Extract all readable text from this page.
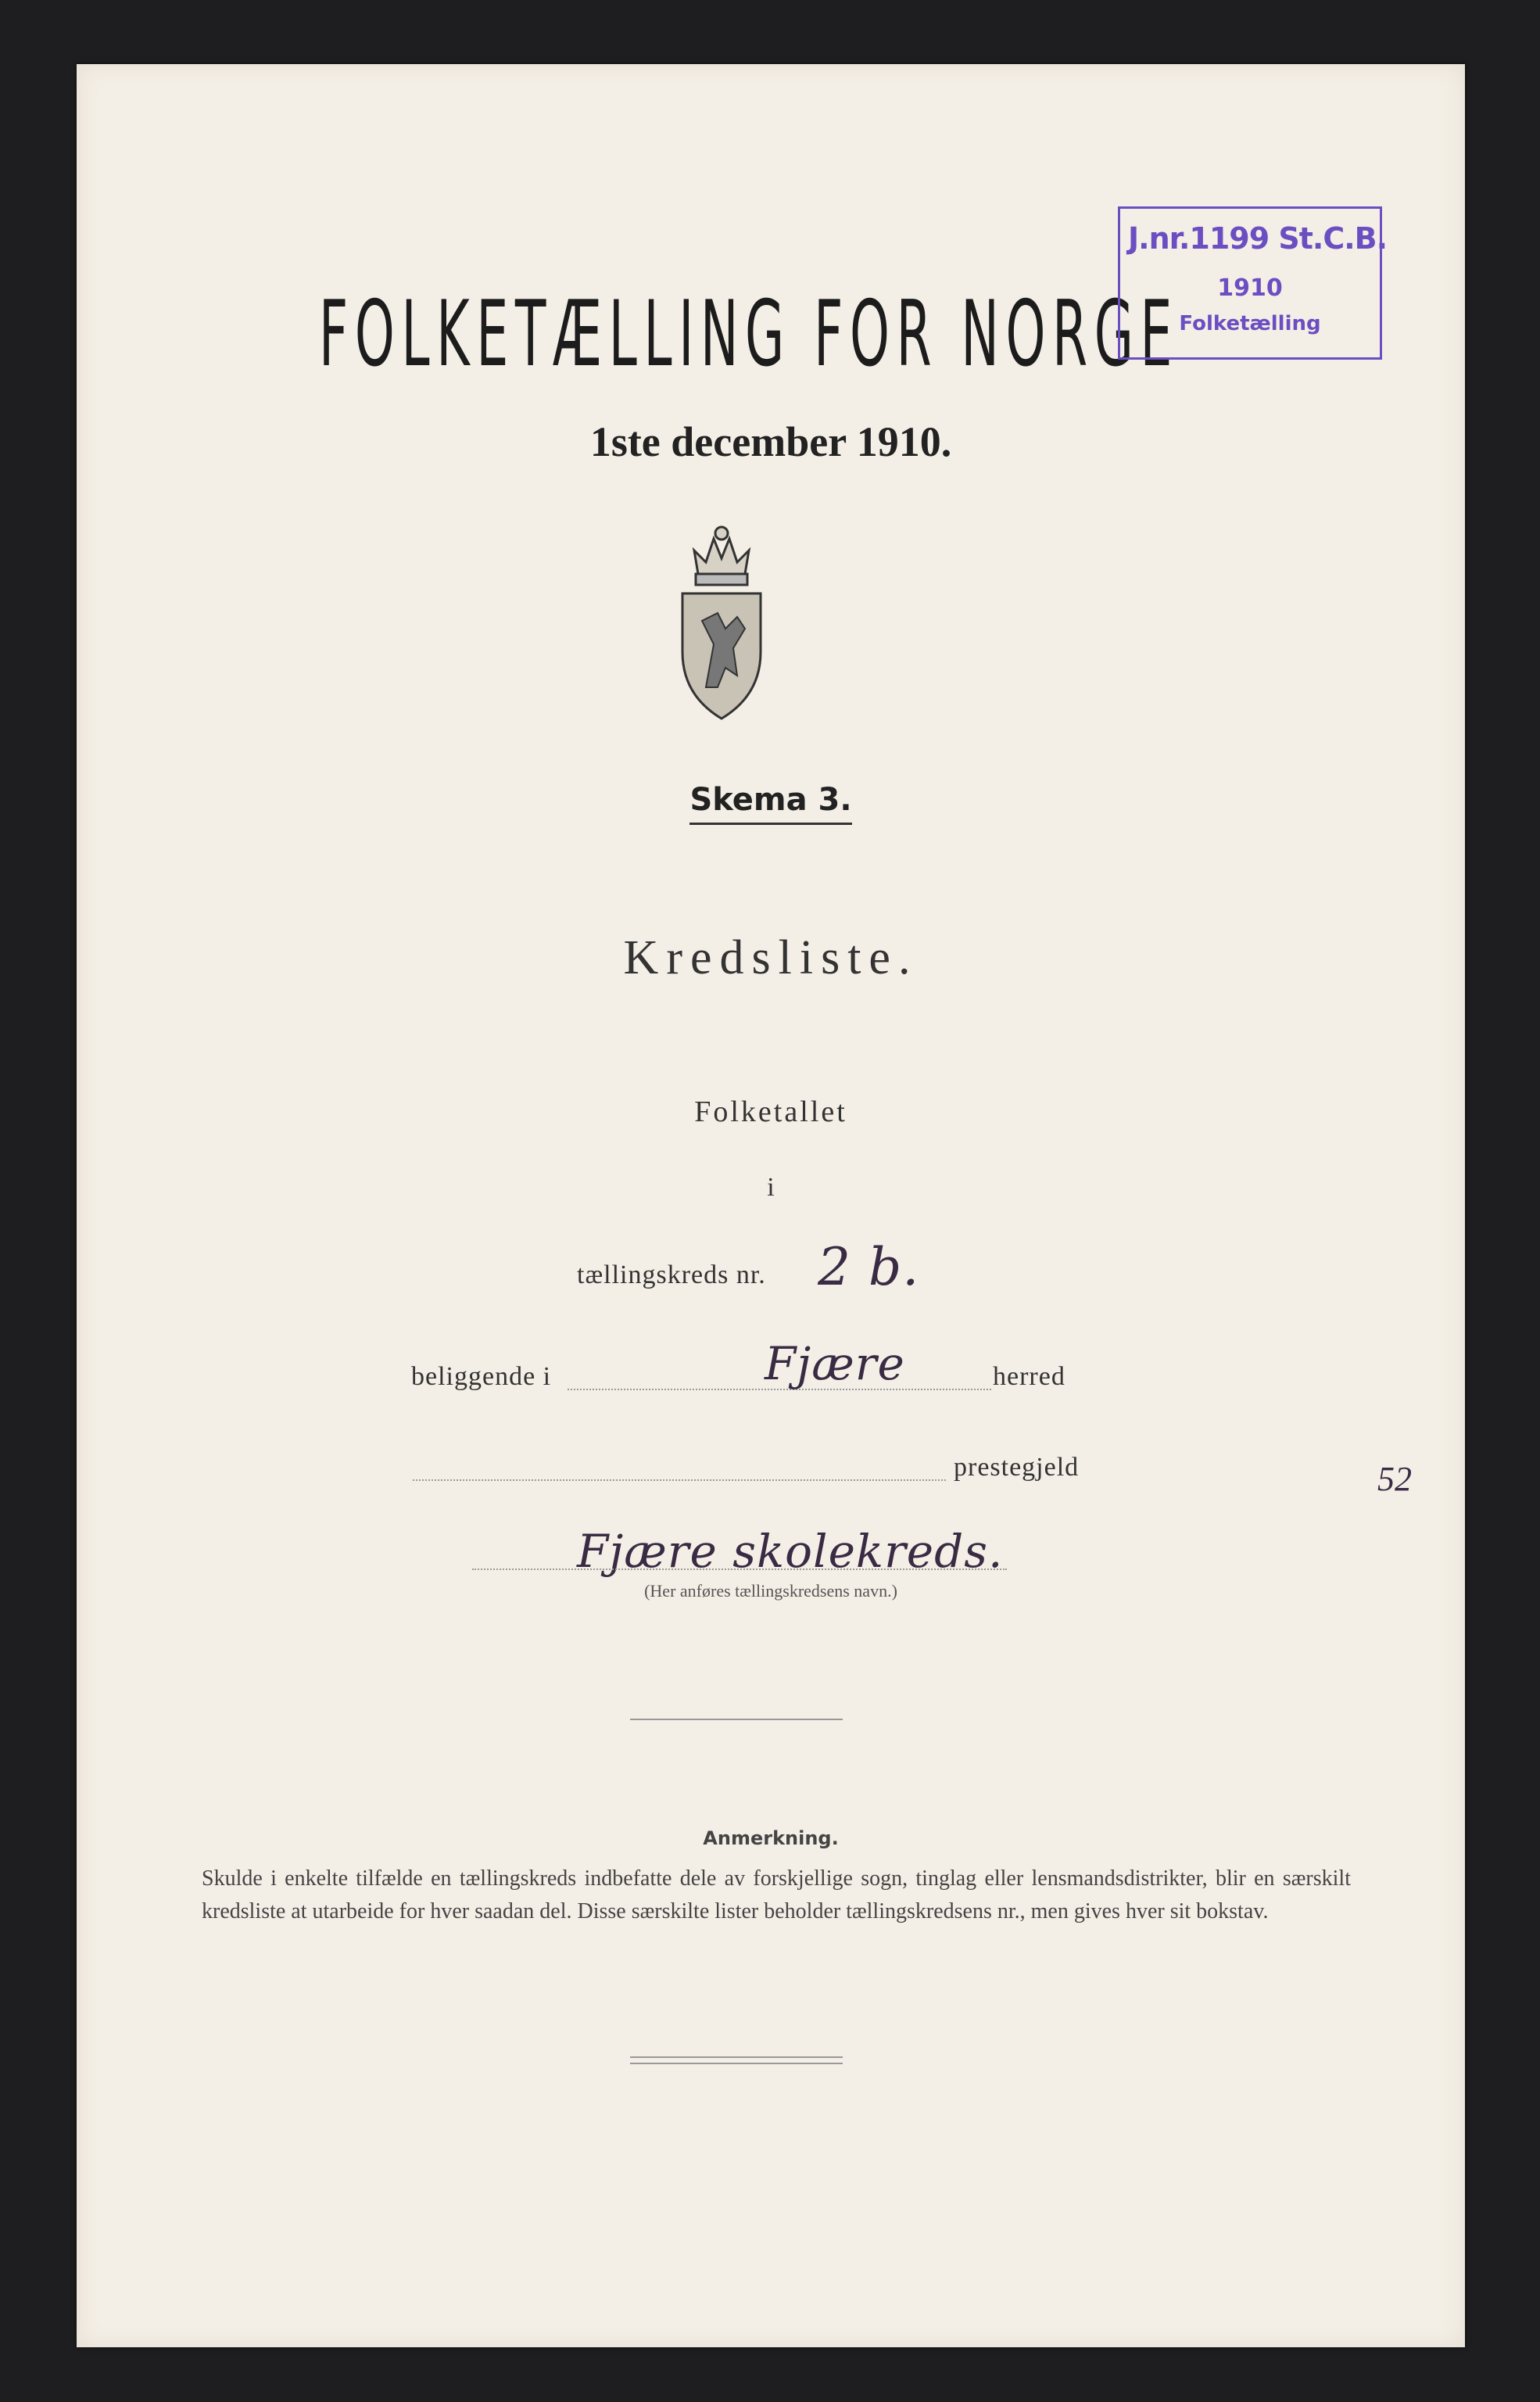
FOLKETÆLLING FOR NORGE
1ste december 1910.
Skema 3.
Kredsliste.
Folketallet
i
tællingskreds nr. 2 b.
beliggende i	Fjære	herred
prestegjeld
Fjære skolekreds.
(Her anføres tællingskredsens navn.)
Anmerkning.
Skulde i enkelte tilfælde en tællingskreds indbefatte dele av forskjellige sogn, tinglag eller lensmandsdistrikter, blir en særskilt kredsliste at utarbeide for hver saadan del. Disse særskilte lister beholder tællingskredsens nr., men gives hver sit bokstav.
J.nr.1199 St.C.B.
1910
Folketælling
52
